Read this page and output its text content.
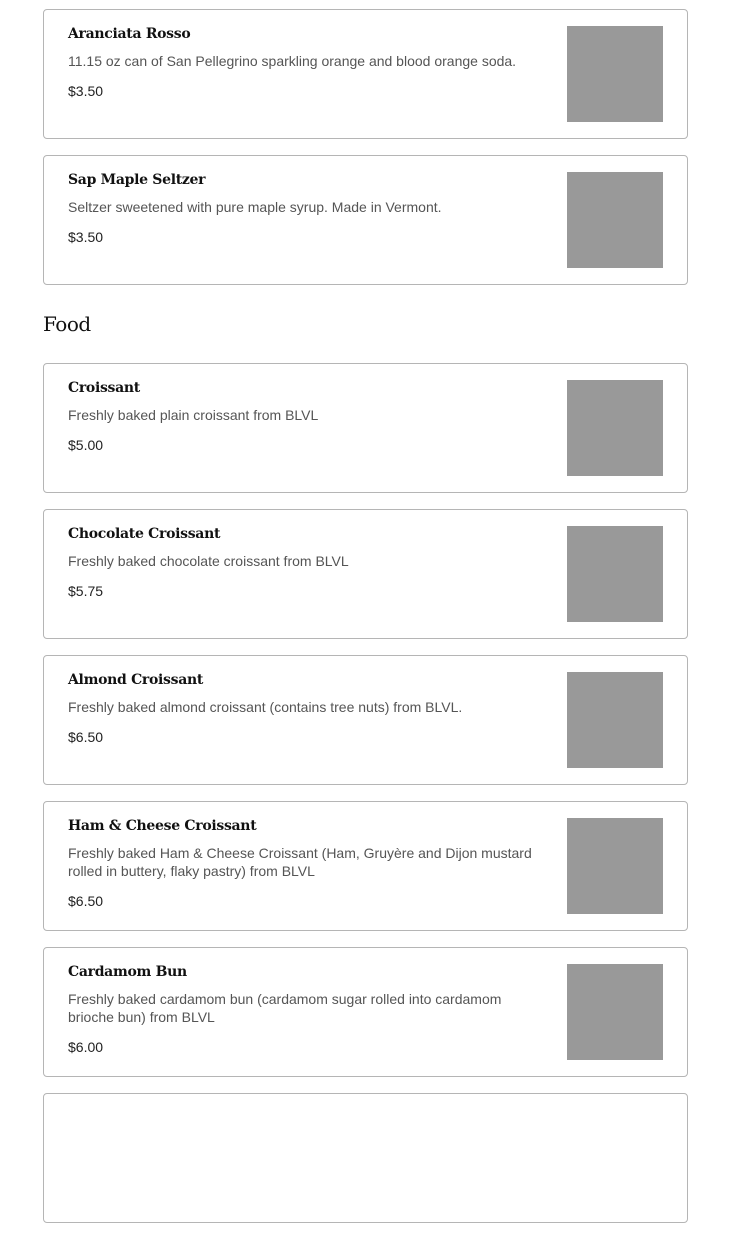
Aranciata Rosso
11.15 oz can of San Pellegrino sparkling orange and blood orange soda.
$3.50
Sap Maple Seltzer
Seltzer sweetened with pure maple syrup. Made in Vermont.
$3.50
Food
Croissant
Freshly baked plain croissant from BLVL
$5.00
Chocolate Croissant
Freshly baked chocolate croissant from BLVL
$5.75
Almond Croissant
Freshly baked almond croissant (contains tree nuts) from BLVL.
$6.50
Ham & Cheese Croissant
Freshly baked Ham & Cheese Croissant (Ham, Gruyère and Dijon mustard rolled in buttery, flaky pastry) from BLVL
$6.50
Cardamom Bun
Freshly baked cardamom bun (cardamom sugar rolled into cardamom brioche bun) from BLVL
$6.00
